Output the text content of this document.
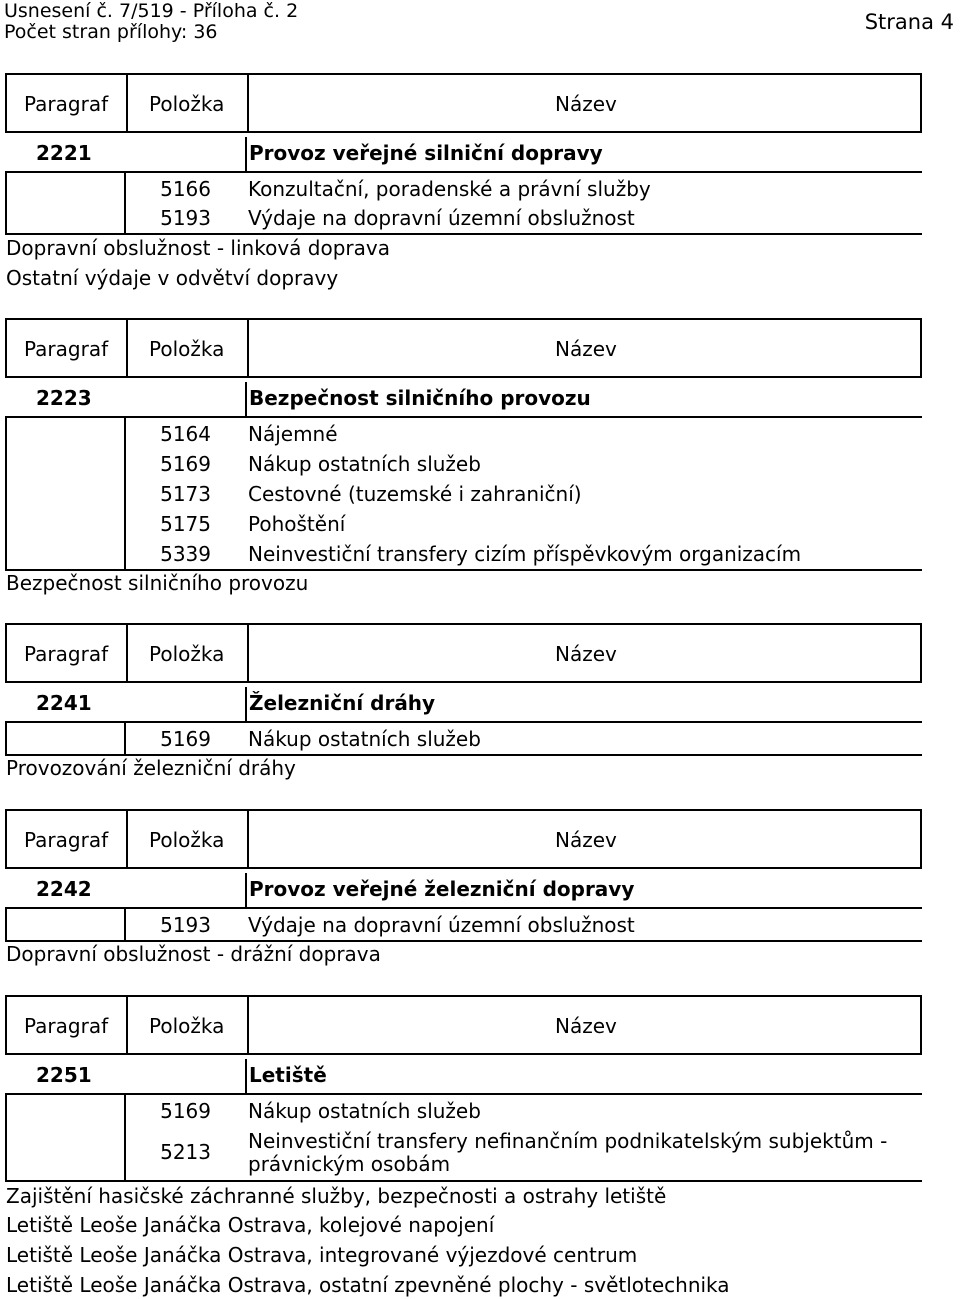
Usnesení č. 7/519 - Příloha č. 2
Počet stran přílohy: 36	Strana 4
Paragraf Položka	Název
2221	Provoz veřejné silniční dopravy
5166 Konzultační, poradenské a právní služby
5193 Výdaje na dopravní územní obslužnost
Dopravní obslužnost - linková doprava
Ostatní výdaje v odvětví dopravy
Paragraf Položka	Název
2223	Bezpečnost silničního provozu
5164 Nájemné
5169 Nákup ostatních služeb
5173 Cestovné (tuzemské i zahraniční)
5175 Pohoštění
5339 Neinvestiční transfery cizím příspěvkovým organizacím
Bezpečnost silničního provozu
Paragraf Položka	Název
2241	Železniční dráhy
5169 Nákup ostatních služeb
Provozování železniční dráhy
Paragraf Položka	Název
2242	Provoz veřejné železniční dopravy
5193 Výdaje na dopravní územní obslužnost
Dopravní obslužnost - drážní doprava
Paragraf Položka	Název
2251	Letiště
5169 Nákup ostatních služeb
5213 Neinvestiční transfery nefinančním podnikatelským subjektům -
právnickým osobám
Zajištění hasičské záchranné služby, bezpečnosti a ostrahy letiště
Letiště Leoše Janáčka Ostrava, kolejové napojení
Letiště Leoše Janáčka Ostrava, integrované výjezdové centrum
Letiště Leoše Janáčka Ostrava, ostatní zpevněné plochy - světlotechnika
